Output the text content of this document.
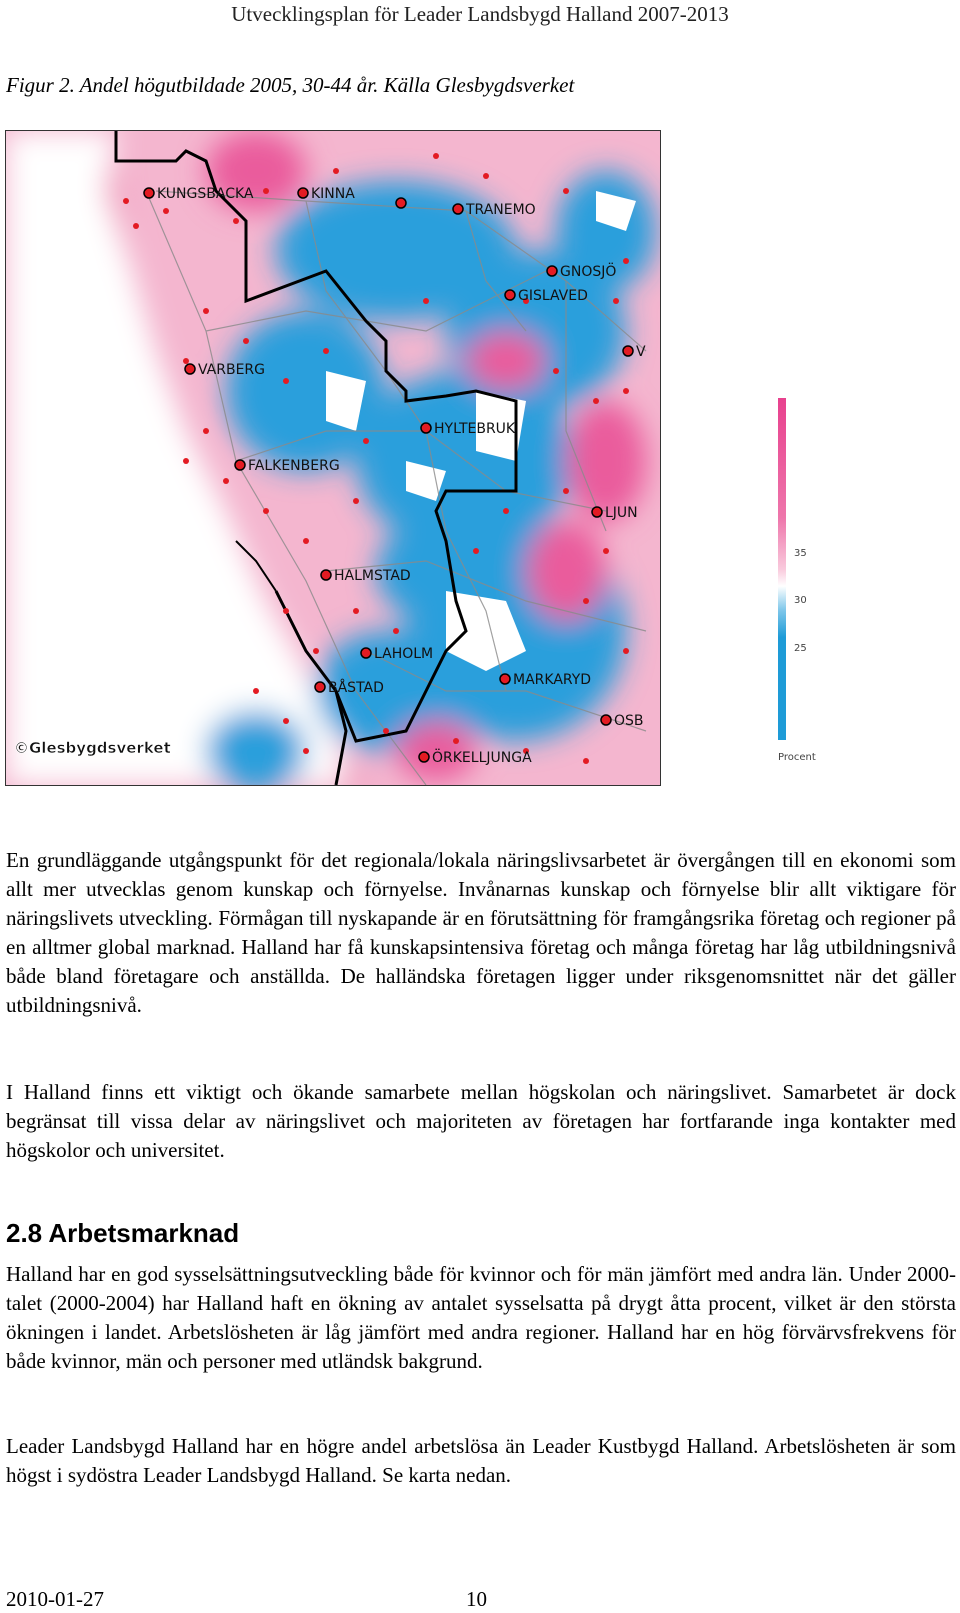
Utvecklingsplan för Leader Landsbygd Halland 2007-2013
Figur 2. Andel högutbildade 2005, 30-44 år. Källa Glesbygdsverket
KUNGSBACKA	KINNA
TRANEMO
GNOSJÖ
GISLAVED
V
VARBERG
HYLTEBRUK
FALKENBERG
LJUN
HALMSTAD
LAHOLM
BÅSTAD	MARKARYD
OSB
ÖRKELLJUNGA
©Glesbygdsverket
35
30
25
Procent

En grundläggande utgångspunkt för det regionala/lokala näringslivsarbetet är övergången till en ekonomi som allt mer utvecklas genom kunskap och förnyelse. Invånarnas kunskap och förnyelse blir allt viktigare för näringslivets utveckling. Förmågan till nyskapande är en förutsättning för framgångsrika företag och regioner på en alltmer global marknad. Halland har få kunskapsintensiva företag och många företag har låg utbildningsnivå både bland företagare och anställda. De halländska företagen ligger under riksgenomsnittet när det gäller utbildningsnivå.

I Halland finns ett viktigt och ökande samarbete mellan högskolan och näringslivet. Samarbetet är dock begränsat till vissa delar av näringslivet och majoriteten av företagen har fortfarande inga kontakter med högskolor och universitet.

2.8 Arbetsmarknad

Halland har en god sysselsättningsutveckling både för kvinnor och för män jämfört med andra län. Under 2000-talet (2000-2004) har Halland haft en ökning av antalet sysselsatta på drygt åtta procent, vilket är den största ökningen i landet. Arbetslösheten är låg jämfört med andra regioner. Halland har en hög förvärvsfrekvens för både kvinnor, män och personer med utländsk bakgrund.

Leader Landsbygd Halland har en högre andel arbetslösa än Leader Kustbygd Halland. Arbetslösheten är som högst i sydöstra Leader Landsbygd Halland. Se karta nedan.

2010-01-27	10
